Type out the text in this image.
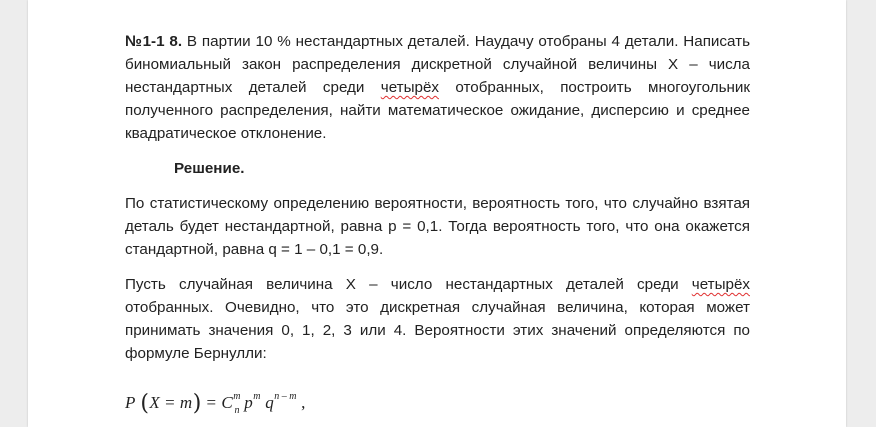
№1-1 8. В партии 10 % нестандартных деталей. Наудачу отобраны 4 детали. Написать биномиальный закон распределения дискретной случайной величины Х – числа нестандартных деталей среди четырёх отобранных, построить многоугольник полученного распределения, найти математическое ожидание, дисперсию и среднее квадратическое отклонение.

Решение.

По статистическому определению вероятности, вероятность того, что случайно взятая деталь будет нестандартной, равна p = 0,1. Тогда вероятность того, что она окажется стандартной, равна q = 1 – 0,1 = 0,9.

Пусть случайная величина Х – число нестандартных деталей среди четырёх отобранных. Очевидно, что это дискретная случайная величина, которая может принимать значения 0, 1, 2, 3 или 4. Вероятности этих значений определяются по формуле Бернулли:

P $(X = m) = C^m_n$ $p^m$ $q^{n - m}$ ,
